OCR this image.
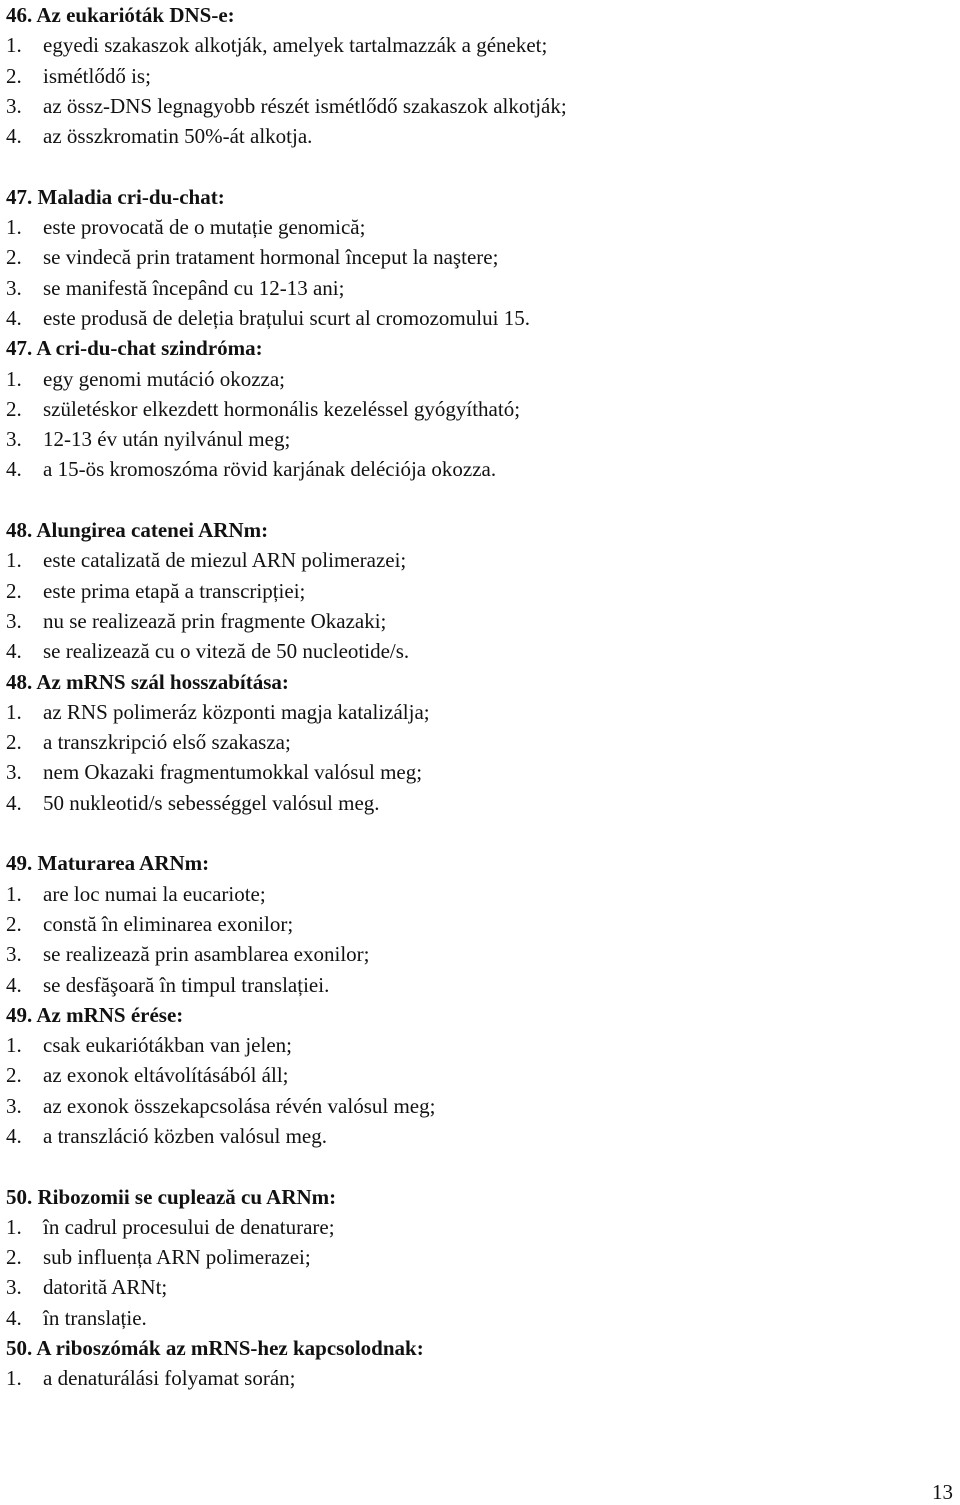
46. Az eukarióták DNS-e:
1. egyedi szakaszok alkotják, amelyek tartalmazzák a géneket;
2. ismétlődő is;
3. az össz-DNS legnagyobb részét ismétlődő szakaszok alkotják;
4. az összkromatin 50%-át alkotja.
47. Maladia cri-du-chat:
1. este provocată de o mutație genomică;
2. se vindecă prin tratament hormonal început la naştere;
3. se manifestă începând cu 12-13 ani;
4. este produsă de deleția brațului scurt al cromozomului 15.
47. A cri-du-chat szindróma:
1. egy genomi mutáció okozza;
2. születéskor elkezdett hormonális kezeléssel gyógyítható;
3. 12-13 év után nyilvánul meg;
4. a 15-ös kromoszóma rövid karjának deléciója okozza.
48. Alungirea catenei ARNm:
1. este catalizată de miezul ARN polimerazei;
2. este prima etapă a transcripției;
3. nu se realizează prin fragmente Okazaki;
4. se realizează cu o viteză de 50 nucleotide/s.
48. Az mRNS szál hosszabítása:
1. az RNS polimeráz központi magja katalizálja;
2. a transzkripció első szakasza;
3. nem Okazaki fragmentumokkal valósul meg;
4. 50 nukleotid/s sebességgel valósul meg.
49. Maturarea ARNm:
1. are loc numai la eucariote;
2. constă în eliminarea exonilor;
3. se realizează prin asamblarea exonilor;
4. se desfăşoară în timpul translației.
49. Az mRNS érése:
1. csak eukariótákban van jelen;
2. az exonok eltávolításából áll;
3. az exonok összekapcsolása révén valósul meg;
4. a transzláció közben valósul meg.
50. Ribozomii se cuplează cu ARNm:
1. în cadrul procesului de denaturare;
2. sub influența ARN polimerazei;
3. datorită ARNt;
4. în translație.
50. A riboszómák az mRNS-hez kapcsolodnak:
1. a denaturálási folyamat során;
13
